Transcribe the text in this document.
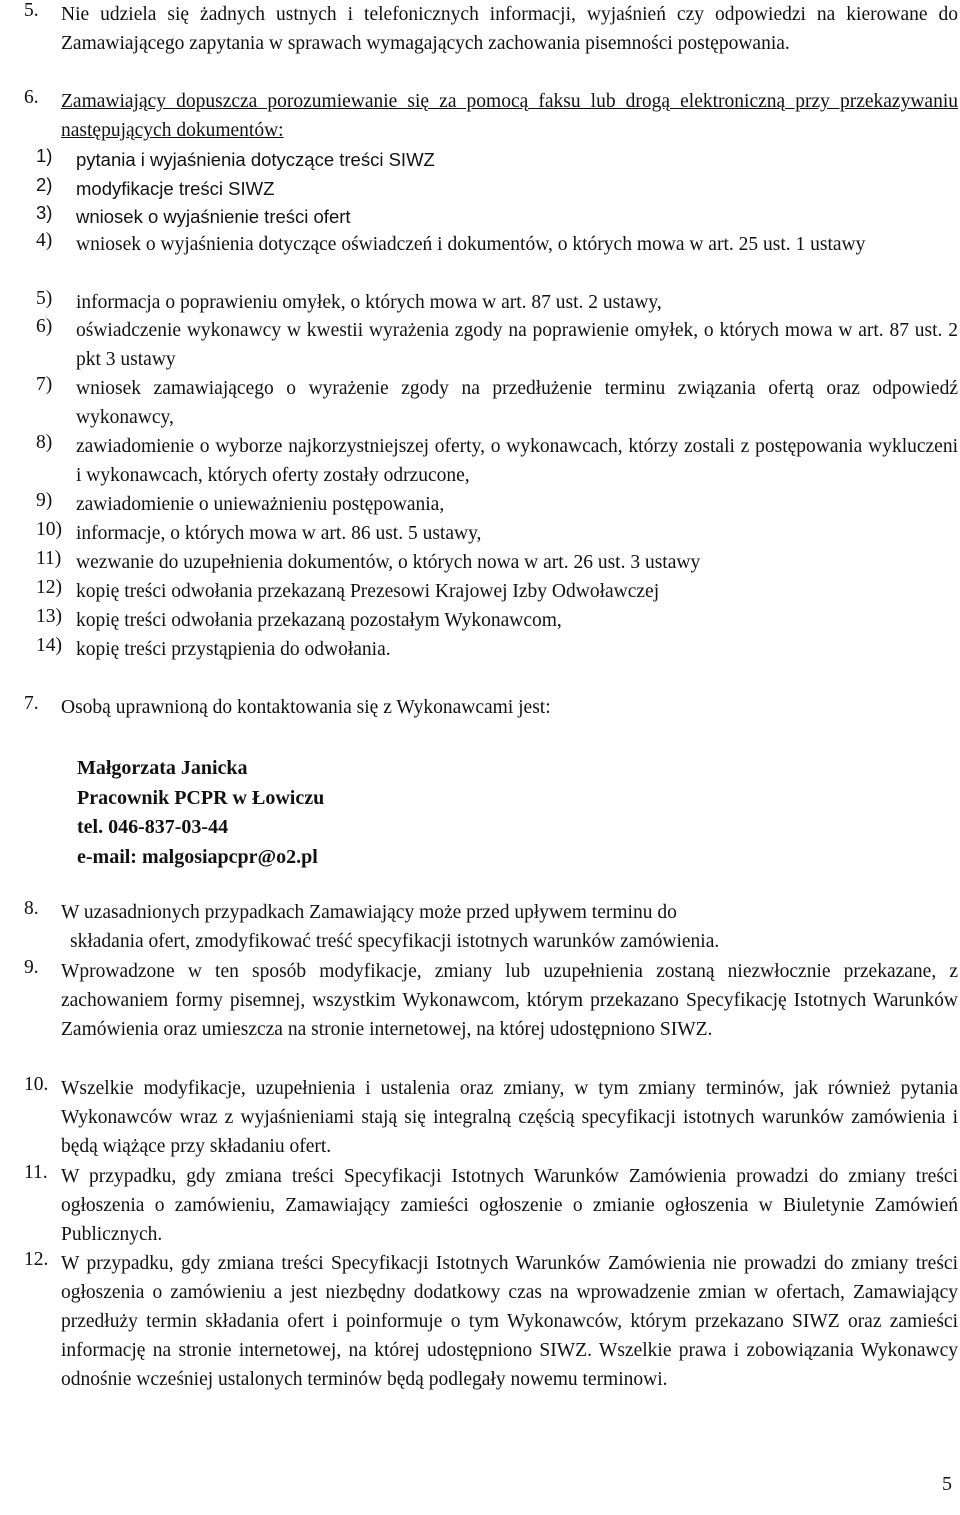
5. Nie udziela się żadnych ustnych i telefonicznych informacji, wyjaśnień czy odpowiedzi na kierowane do Zamawiającego zapytania w sprawach wymagających zachowania pisemności postępowania.
6. Zamawiający dopuszcza porozumiewanie się za pomocą faksu lub drogą elektroniczną przy przekazywaniu następujących dokumentów:
1) pytania i wyjaśnienia dotyczące treści SIWZ
2) modyfikacje treści SIWZ
3) wniosek o wyjaśnienie treści ofert
4) wniosek o wyjaśnienia dotyczące oświadczeń i dokumentów, o których mowa w art. 25 ust. 1 ustawy
5) informacja o poprawieniu omyłek, o których mowa w art. 87 ust. 2 ustawy,
6) oświadczenie wykonawcy w kwestii wyrażenia zgody na poprawienie omyłek, o których mowa w art. 87 ust. 2 pkt 3 ustawy
7) wniosek zamawiającego o wyrażenie zgody na przedłużenie terminu związania ofertą oraz odpowiedź wykonawcy,
8) zawiadomienie o wyborze najkorzystniejszej oferty, o wykonawcach, którzy zostali z postępowania wykluczeni i wykonawcach, których oferty zostały odrzucone,
9) zawiadomienie o unieważnieniu postępowania,
10) informacje, o których mowa w art. 86 ust. 5 ustawy,
11) wezwanie do uzupełnienia dokumentów, o których nowa w art. 26 ust. 3 ustawy
12) kopię treści odwołania przekazaną Prezesowi Krajowej Izby Odwoławczej
13) kopię treści odwołania przekazaną pozostałym Wykonawcom,
14) kopię treści przystąpienia do odwołania.
7. Osobą uprawnioną do kontaktowania się z Wykonawcami jest:
Małgorzata Janicka
Pracownik PCPR w Łowiczu
tel. 046-837-03-44
e-mail: malgosiapcpr@o2.pl
8. W uzasadnionych przypadkach Zamawiający może przed upływem terminu do
składania ofert, zmodyfikować treść specyfikacji istotnych warunków zamówienia.
9. Wprowadzone w ten sposób modyfikacje, zmiany lub uzupełnienia zostaną niezwłocznie przekazane, z zachowaniem formy pisemnej, wszystkim Wykonawcom, którym przekazano Specyfikację Istotnych Warunków Zamówienia oraz umieszcza na stronie internetowej, na której udostępniono SIWZ.
10. Wszelkie modyfikacje, uzupełnienia i ustalenia oraz zmiany, w tym zmiany terminów, jak również pytania Wykonawców wraz z wyjaśnieniami stają się integralną częścią specyfikacji istotnych warunków zamówienia i będą wiążące przy składaniu ofert.
11. W przypadku, gdy zmiana treści Specyfikacji Istotnych Warunków Zamówienia prowadzi do zmiany treści ogłoszenia o zamówieniu, Zamawiający zamieści ogłoszenie o zmianie ogłoszenia w Biuletynie Zamówień Publicznych.
12. W przypadku, gdy zmiana treści Specyfikacji Istotnych Warunków Zamówienia nie prowadzi do zmiany treści ogłoszenia o zamówieniu a jest niezbędny dodatkowy czas na wprowadzenie zmian w ofertach, Zamawiający przedłuży termin składania ofert i poinformuje o tym Wykonawców, którym przekazano SIWZ oraz zamieści informację na stronie internetowej, na której udostępniono SIWZ. Wszelkie prawa i zobowiązania Wykonawcy odnośnie wcześniej ustalonych terminów będą podlegały nowemu terminowi.
5
